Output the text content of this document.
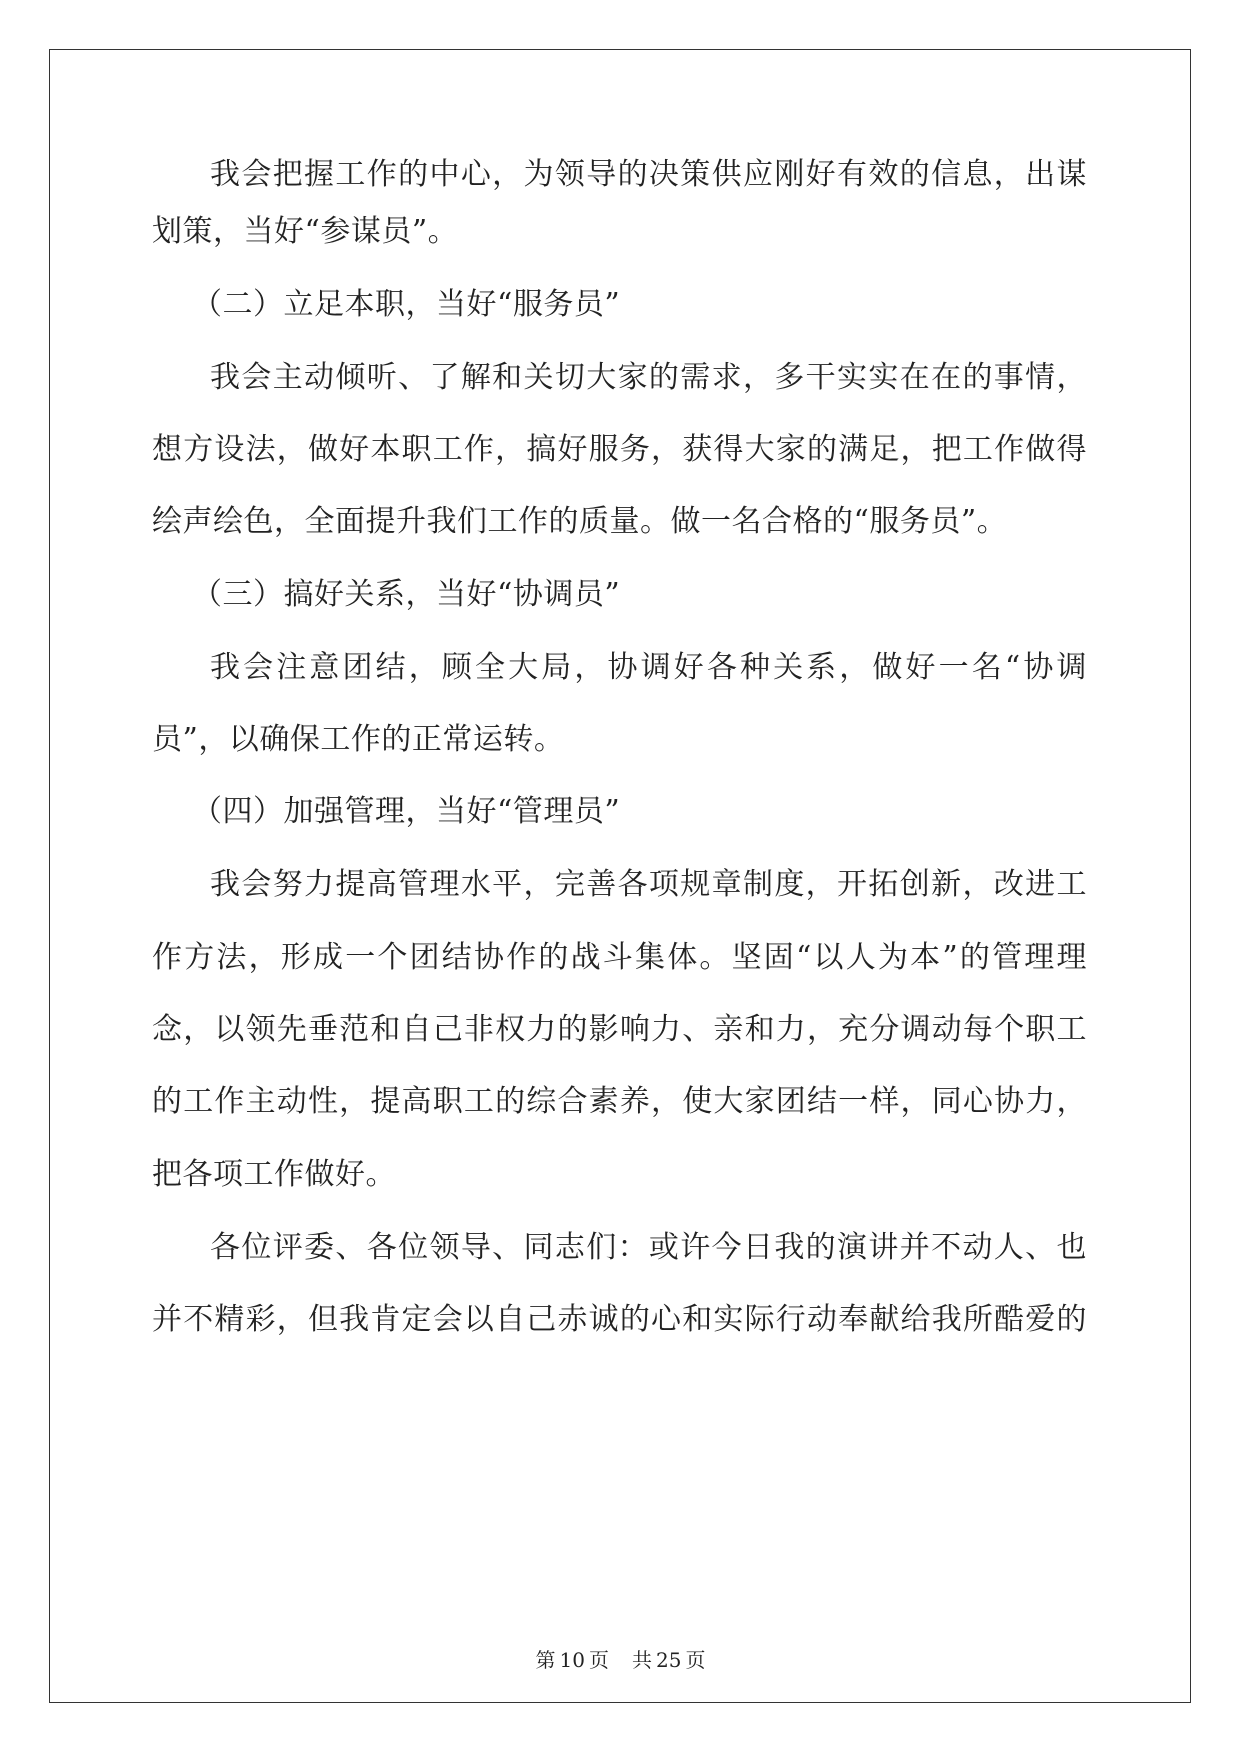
我会把握工作的中心，为领导的决策供应刚好有效的信息，出谋
划策，当好“参谋员”。
（二）立足本职，当好“服务员”
我会主动倾听、了解和关切大家的需求，多干实实在在的事情，
想方设法，做好本职工作，搞好服务，获得大家的满足，把工作做得
绘声绘色，全面提升我们工作的质量。做一名合格的“服务员”。
（三）搞好关系，当好“协调员”
我会注意团结，顾全大局，协调好各种关系，做好一名“协调
员”，以确保工作的正常运转。
（四）加强管理，当好“管理员”
我会努力提高管理水平，完善各项规章制度，开拓创新，改进工
作方法，形成一个团结协作的战斗集体。坚固“以人为本”的管理理
念，以领先垂范和自己非权力的影响力、亲和力，充分调动每个职工
的工作主动性，提高职工的综合素养，使大家团结一样，同心协力，
把各项工作做好。
各位评委、各位领导、同志们：或许今日我的演讲并不动人、也
并不精彩，但我肯定会以自己赤诚的心和实际行动奉献给我所酷爱的
第 10 页 共 25 页
